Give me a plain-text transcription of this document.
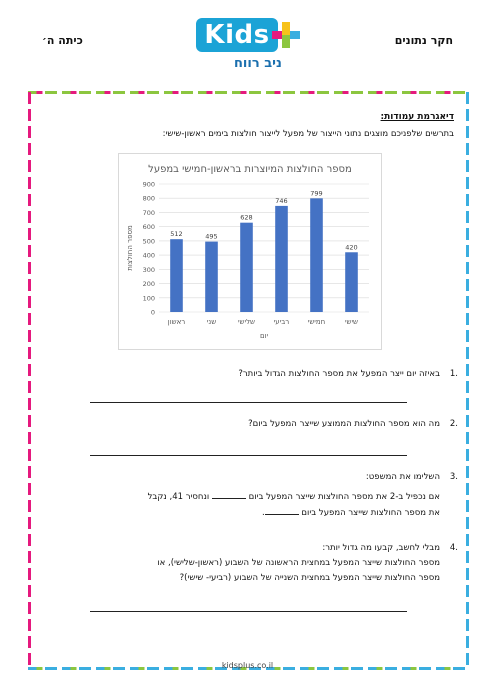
כיתה ה׳	חקר נתונים
Kids
ניב רווח
דיאגרמת עמודות:
בתרשים שלפניכם מוצגים נתוני הייצור של מפעל לייצור חולצות בימים ראשון-שישי:
מספר החולצות המיוצרות בראשון-חמישי במפעל
0
100
200
300
400
500
600
700
800
900
מספר החולצות	512
ראשון
495
שני
628
שלישי
746
רביעי
799
חמישי
420
שישי
יום
1.
באיזה יום ייצר המפעל את מספר החולצות הגדול ביותר?
2.
מה הוא מספר החולצות הממוצע שייצר המפעל ביום?
3.
השלימו את המשפט:
אם נכפיל ב-2 את מספר החולצות שייצר המפעל ביום  ונחסיר 41, נקבל
את מספר החולצות שייצר המפעל ביום .
4.
מבלי לחשב, קבעו מה גדול יותר:
מספר החולצות שייצר המפעל במחצית הראשונה של השבוע (ראשון-שלישי), או
מספר החולצות שייצר המפעל במחצית השנייה של השבוע (רביעי- שישי)?
kidsplus.co.il
